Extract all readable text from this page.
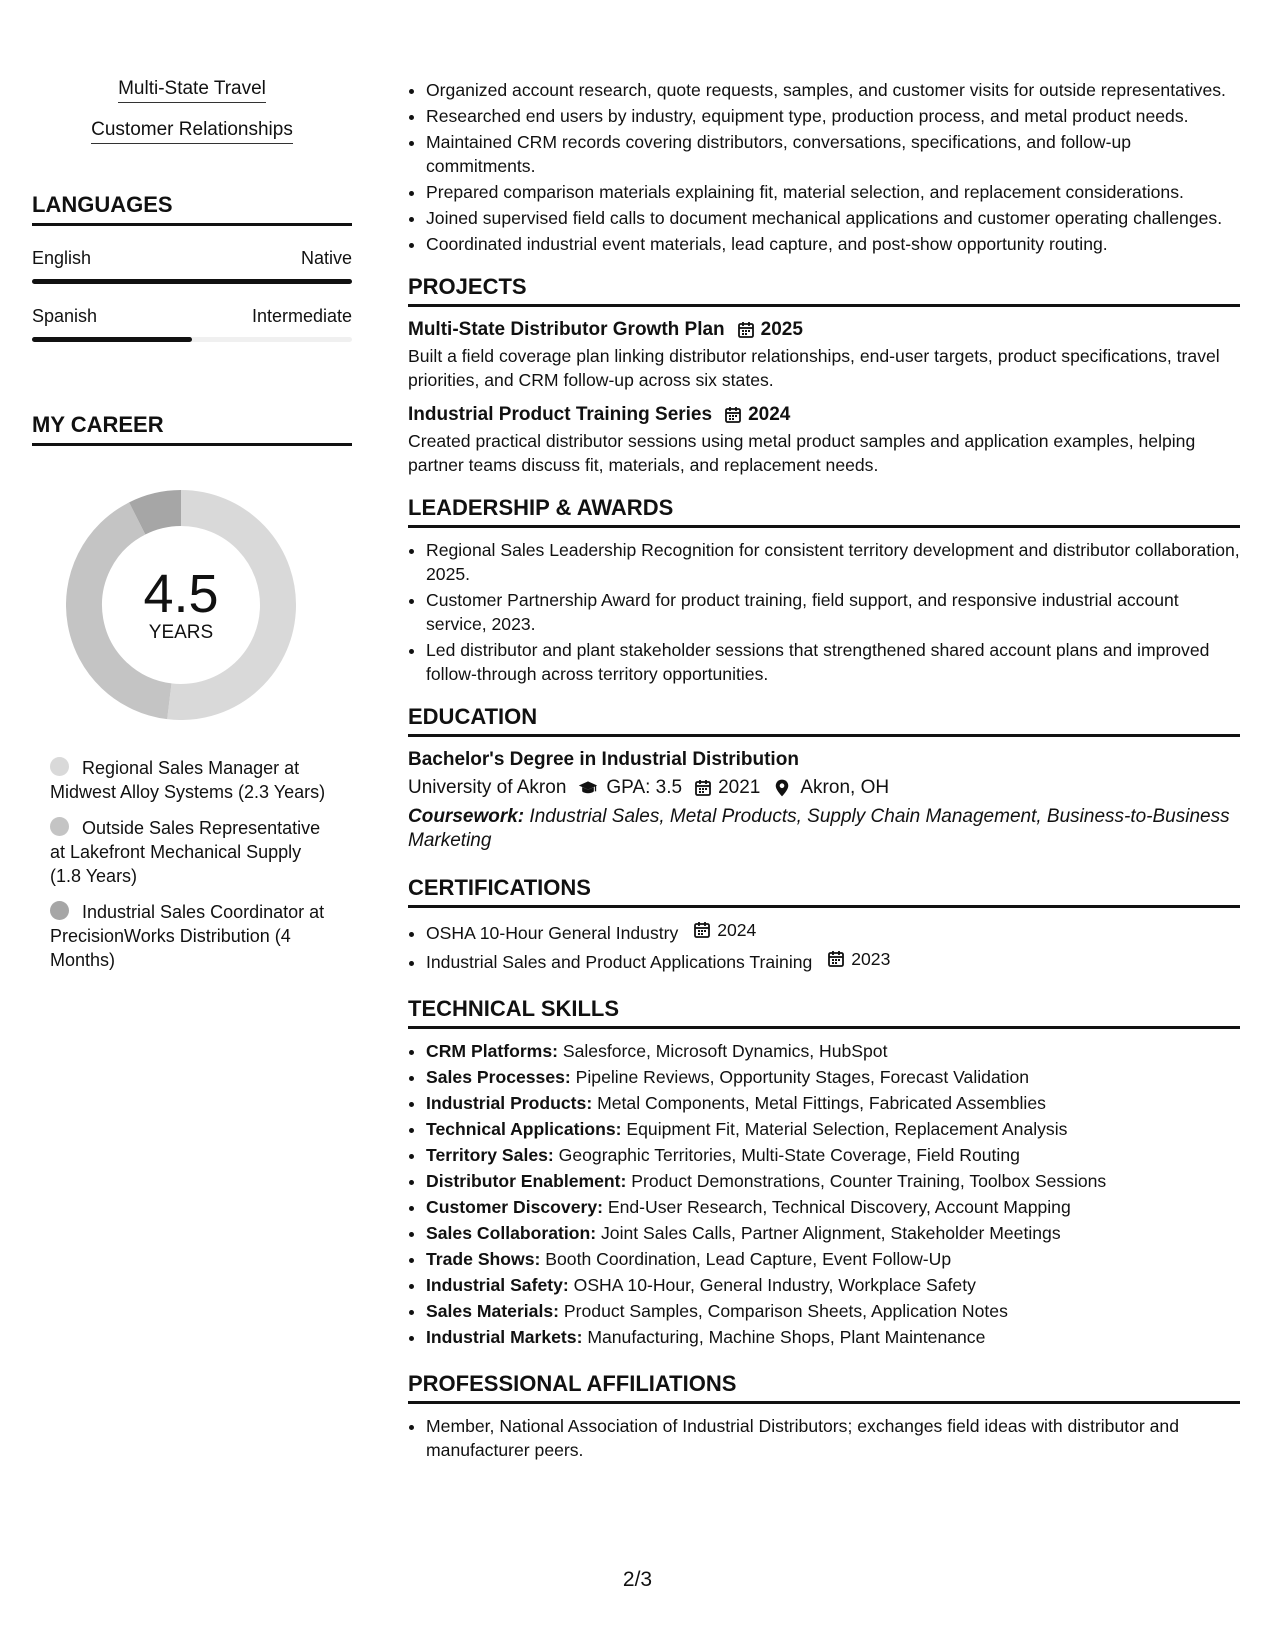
Multi-State Travel
Customer Relationships
LANGUAGES
English	Native
Spanish	Intermediate
MY CAREER
4.5
YEARS
Regional Sales Manager at Midwest Alloy Systems (2.3 Years)
Outside Sales Representative at Lakefront Mechanical Supply (1.8 Years)
Industrial Sales Coordinator at PrecisionWorks Distribution (4 Months)
• Organized account research, quote requests, samples, and customer visits for outside representatives.
• Researched end users by industry, equipment type, production process, and metal product needs.
• Maintained CRM records covering distributors, conversations, specifications, and follow-up commitments.
• Prepared comparison materials explaining fit, material selection, and replacement considerations.
• Joined supervised field calls to document mechanical applications and customer operating challenges.
• Coordinated industrial event materials, lead capture, and post-show opportunity routing.
PROJECTS
Multi-State Distributor Growth Plan 2025
Built a field coverage plan linking distributor relationships, end-user targets, product specifications, travel priorities, and CRM follow-up across six states.
Industrial Product Training Series 2024
Created practical distributor sessions using metal product samples and application examples, helping partner teams discuss fit, materials, and replacement needs.
LEADERSHIP & AWARDS
• Regional Sales Leadership Recognition for consistent territory development and distributor collaboration, 2025.
• Customer Partnership Award for product training, field support, and responsive industrial account service, 2023.
• Led distributor and plant stakeholder sessions that strengthened shared account plans and improved follow-through across territory opportunities.
EDUCATION
Bachelor's Degree in Industrial Distribution
University of Akron GPA: 3.5 2021 Akron, OH
Coursework: Industrial Sales, Metal Products, Supply Chain Management, Business-to-Business Marketing
CERTIFICATIONS
• OSHA 10-Hour General Industry 2024
• Industrial Sales and Product Applications Training 2023
TECHNICAL SKILLS
• CRM Platforms: Salesforce, Microsoft Dynamics, HubSpot
• Sales Processes: Pipeline Reviews, Opportunity Stages, Forecast Validation
• Industrial Products: Metal Components, Metal Fittings, Fabricated Assemblies
• Technical Applications: Equipment Fit, Material Selection, Replacement Analysis
• Territory Sales: Geographic Territories, Multi-State Coverage, Field Routing
• Distributor Enablement: Product Demonstrations, Counter Training, Toolbox Sessions
• Customer Discovery: End-User Research, Technical Discovery, Account Mapping
• Sales Collaboration: Joint Sales Calls, Partner Alignment, Stakeholder Meetings
• Trade Shows: Booth Coordination, Lead Capture, Event Follow-Up
• Industrial Safety: OSHA 10-Hour, General Industry, Workplace Safety
• Sales Materials: Product Samples, Comparison Sheets, Application Notes
• Industrial Markets: Manufacturing, Machine Shops, Plant Maintenance
PROFESSIONAL AFFILIATIONS
• Member, National Association of Industrial Distributors; exchanges field ideas with distributor and manufacturer peers.
2/3
